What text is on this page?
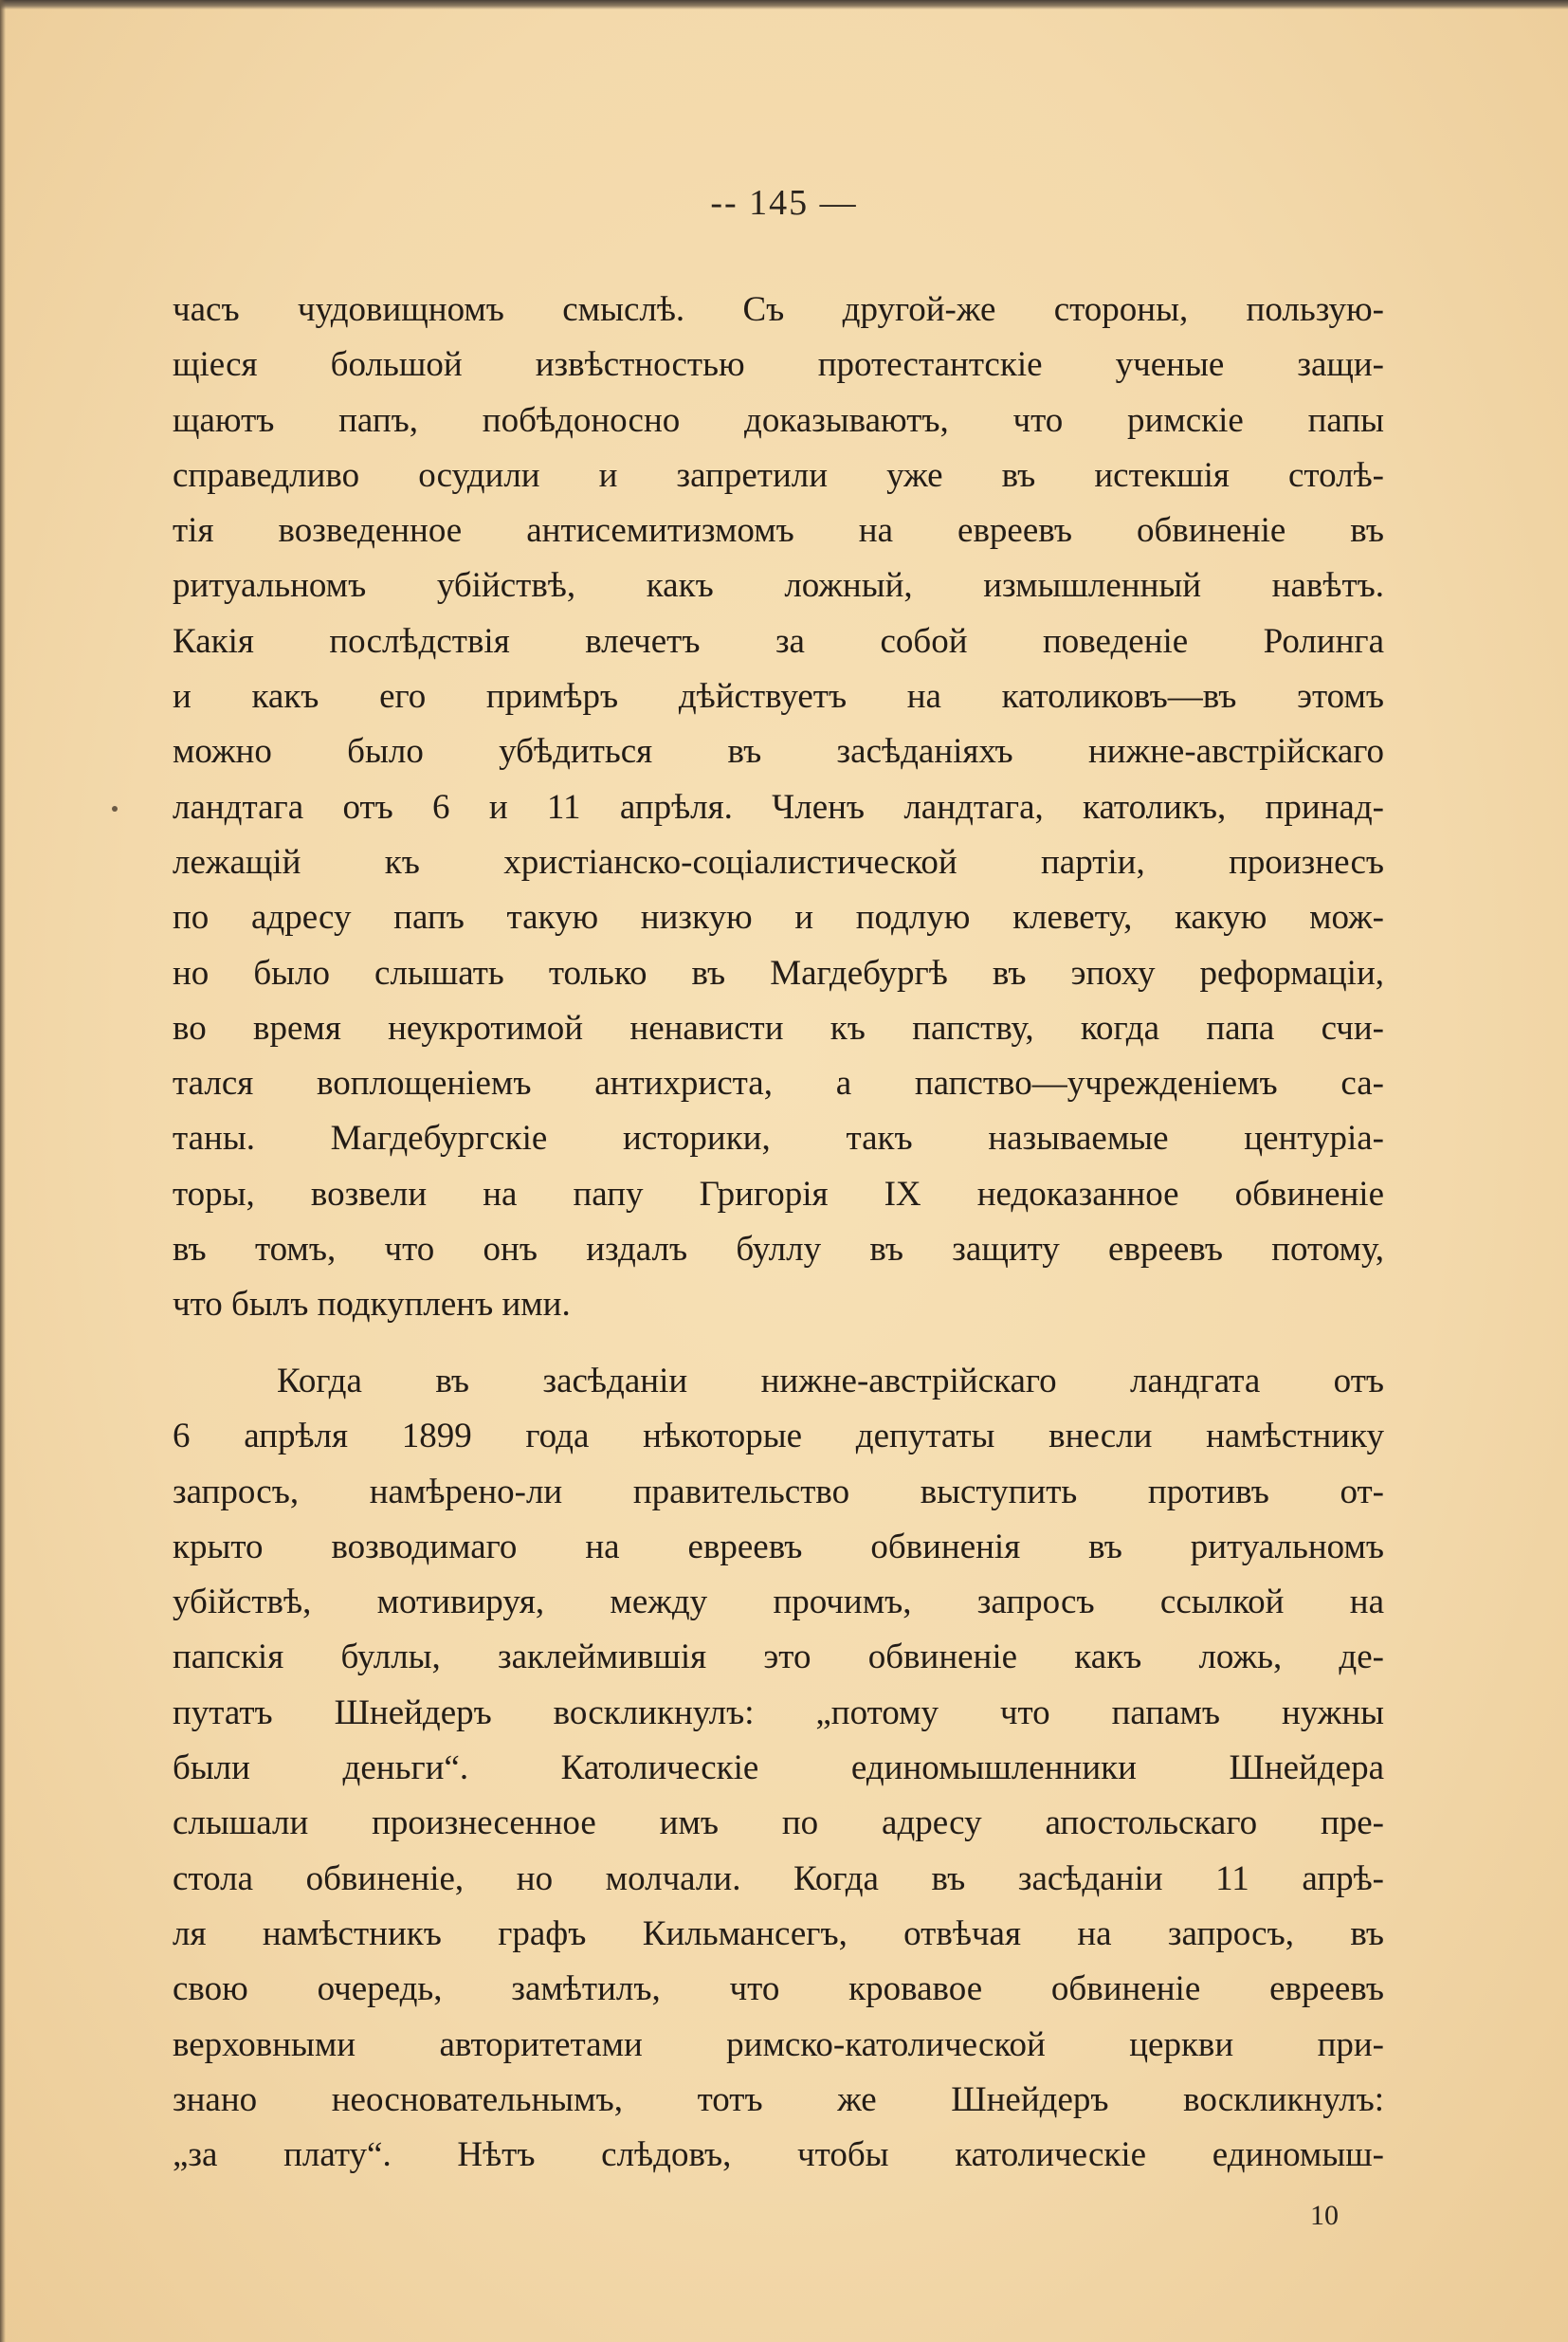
-- 145 —
часъ чудовищномъ смыслѣ. Съ другой-же стороны, пользую-
щіеся большой извѣстностью протестантскіе ученые защи-
щаютъ папъ, побѣдоносно доказываютъ, что римскіе папы
справедливо осудили и запретили уже въ истекшія столѣ-
тія возведенное антисемитизмомъ на евреевъ обвиненіе въ
ритуальномъ убійствѣ, какъ ложный, измышленный навѣтъ.
Какія послѣдствія влечетъ за собой поведеніе Ролинга
и какъ его примѣръ дѣйствуетъ на католиковъ—въ этомъ
можно было убѣдиться въ засѣданіяхъ нижне-австрійскаго
ландтага отъ 6 и 11 апрѣля. Членъ ландтага, католикъ, принад-
лежащій къ христіанско-соціалистической партіи, произнесъ
по адресу папъ такую низкую и подлую клевету, какую мож-
но было слышать только въ Магдебургѣ въ эпоху реформаціи,
во время неукротимой ненависти къ папству, когда папа счи-
тался воплощеніемъ антихриста, а папство—учрежденіемъ са-
таны. Магдебургскіе историки, такъ называемые центуріа-
торы, возвели на папу Григорія IX недоказанное обвиненіе
въ томъ, что онъ издалъ буллу въ защиту евреевъ потому,
что былъ подкупленъ ими.
Когда въ засѣданіи нижне-австрійскаго ландгата отъ
6 апрѣля 1899 года нѣкоторые депутаты внесли намѣстнику
запросъ, намѣрено-ли правительство выступить противъ от-
крыто возводимаго на евреевъ обвиненія въ ритуальномъ
убійствѣ, мотивируя, между прочимъ, запросъ ссылкой на
папскія буллы, заклеймившія это обвиненіе какъ ложь, де-
путатъ Шнейдеръ воскликнулъ: „потому что папамъ нужны
были деньги“. Католическіе единомышленники Шнейдера
слышали произнесенное имъ по адресу апостольскаго пре-
стола обвиненіе, но молчали. Когда въ засѣданіи 11 апрѣ-
ля намѣстникъ графъ Кильмансегъ, отвѣчая на запросъ, въ
свою очередь, замѣтилъ, что кровавое обвиненіе евреевъ
верховными авторитетами римско-католической церкви при-
знано неосновательнымъ, тотъ же Шнейдеръ воскликнулъ:
„за плату“. Нѣтъ слѣдовъ, чтобы католическіе единомыш-
10
